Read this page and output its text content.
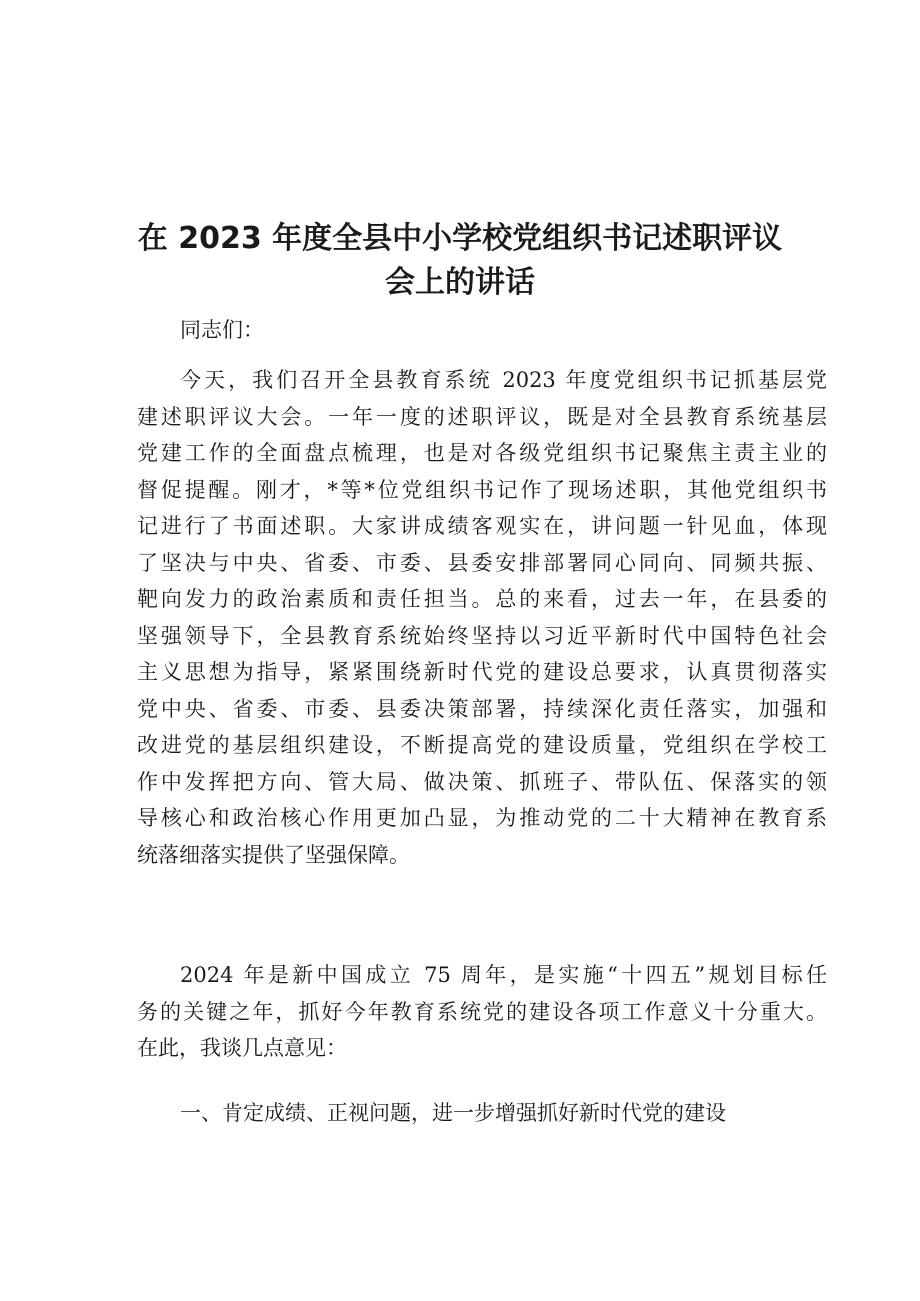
在 2023 年度全县中小学校党组织书记述职评议
会上的讲话
同志们：
今天，我们召开全县教育系统 2023 年度党组织书记抓基层党
建述职评议大会。一年一度的述职评议，既是对全县教育系统基层
党建工作的全面盘点梳理，也是对各级党组织书记聚焦主责主业的
督促提醒。刚才，*等*位党组织书记作了现场述职，其他党组织书
记进行了书面述职。大家讲成绩客观实在，讲问题一针见血，体现
了坚决与中央、省委、市委、县委安排部署同心同向、同频共振、
靶向发力的政治素质和责任担当。总的来看，过去一年，在县委的
坚强领导下，全县教育系统始终坚持以习近平新时代中国特色社会
主义思想为指导，紧紧围绕新时代党的建设总要求，认真贯彻落实
党中央、省委、市委、县委决策部署，持续深化责任落实，加强和
改进党的基层组织建设，不断提高党的建设质量，党组织在学校工
作中发挥把方向、管大局、做决策、抓班子、带队伍、保落实的领
导核心和政治核心作用更加凸显，为推动党的二十大精神在教育系
统落细落实提供了坚强保障。
2024 年是新中国成立 75 周年，是实施“十四五”规划目标任
务的关键之年，抓好今年教育系统党的建设各项工作意义十分重大。
在此，我谈几点意见：
一、肯定成绩、正视问题，进一步增强抓好新时代党的建设
